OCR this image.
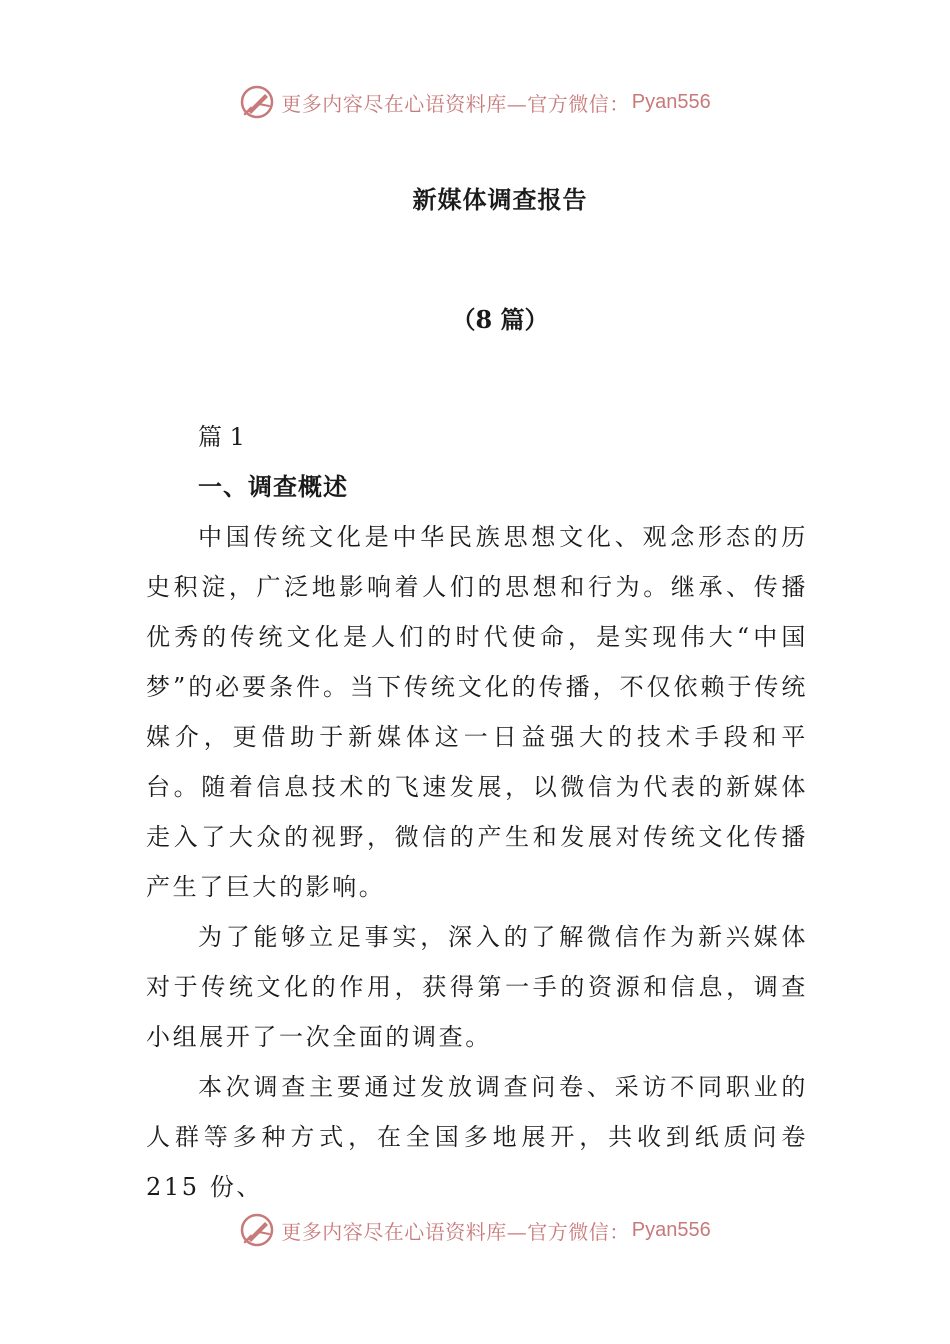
更多内容尽在心语资料库—官方微信： Pyan556
新媒体调查报告
（8 篇）
篇 1
一、调查概述

中国传统文化是中华民族思想文化、观念形态的历史积淀，广泛地影响着人们的思想和行为。继承、传播优秀的传统文化是人们的时代使命，是实现伟大“中国梦”的必要条件。当下传统文化的传播，不仅依赖于传统媒介，更借助于新媒体这一日益强大的技术手段和平台。随着信息技术的飞速发展，以微信为代表的新媒体走入了大众的视野，微信的产生和发展对传统文化传播产生了巨大的影响。

为了能够立足事实，深入的了解微信作为新兴媒体对于传统文化的作用，获得第一手的资源和信息，调查小组展开了一次全面的调查。

本次调查主要通过发放调查问卷、采访不同职业的人群等多种方式，在全国多地展开，共收到纸质问卷 215 份、

更多内容尽在心语资料库—官方微信： Pyan556
